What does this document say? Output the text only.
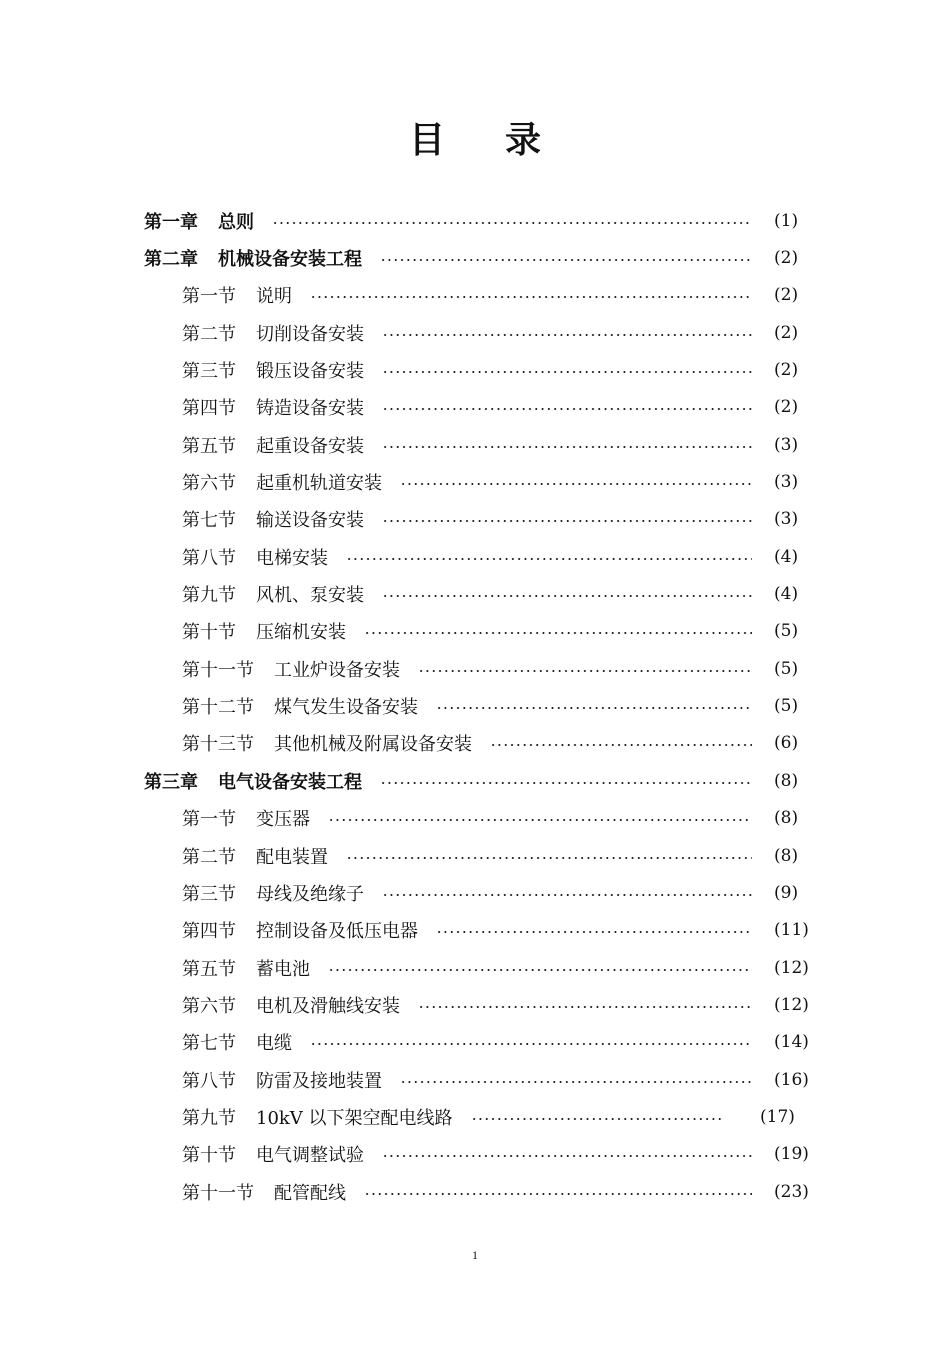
目录
第一章 总则	(1)
第二章 机械设备安装工程	(2)
第一节 说明	(2)
第二节 切削设备安装	(2)
第三节 锻压设备安装	(2)
第四节 铸造设备安装	(2)
第五节 起重设备安装	(3)
第六节 起重机轨道安装	(3)
第七节 输送设备安装	(3)
第八节 电梯安装	(4)
第九节 风机、泵安装	(4)
第十节 压缩机安装	(5)
第十一节 工业炉设备安装	(5)
第十二节 煤气发生设备安装	(5)
第十三节 其他机械及附属设备安装	(6)
第三章 电气设备安装工程	(8)
第一节 变压器	(8)
第二节 配电装置	(8)
第三节 母线及绝缘子	(9)
第四节 控制设备及低压电器	(11)
第五节 蓄电池	(12)
第六节 电机及滑触线安装	(12)
第七节 电缆	(14)
第八节 防雷及接地装置	(16)
第九节 10kV 以下架空配电线路	(17)
第十节 电气调整试验	(19)
第十一节 配管配线	(23)
1
